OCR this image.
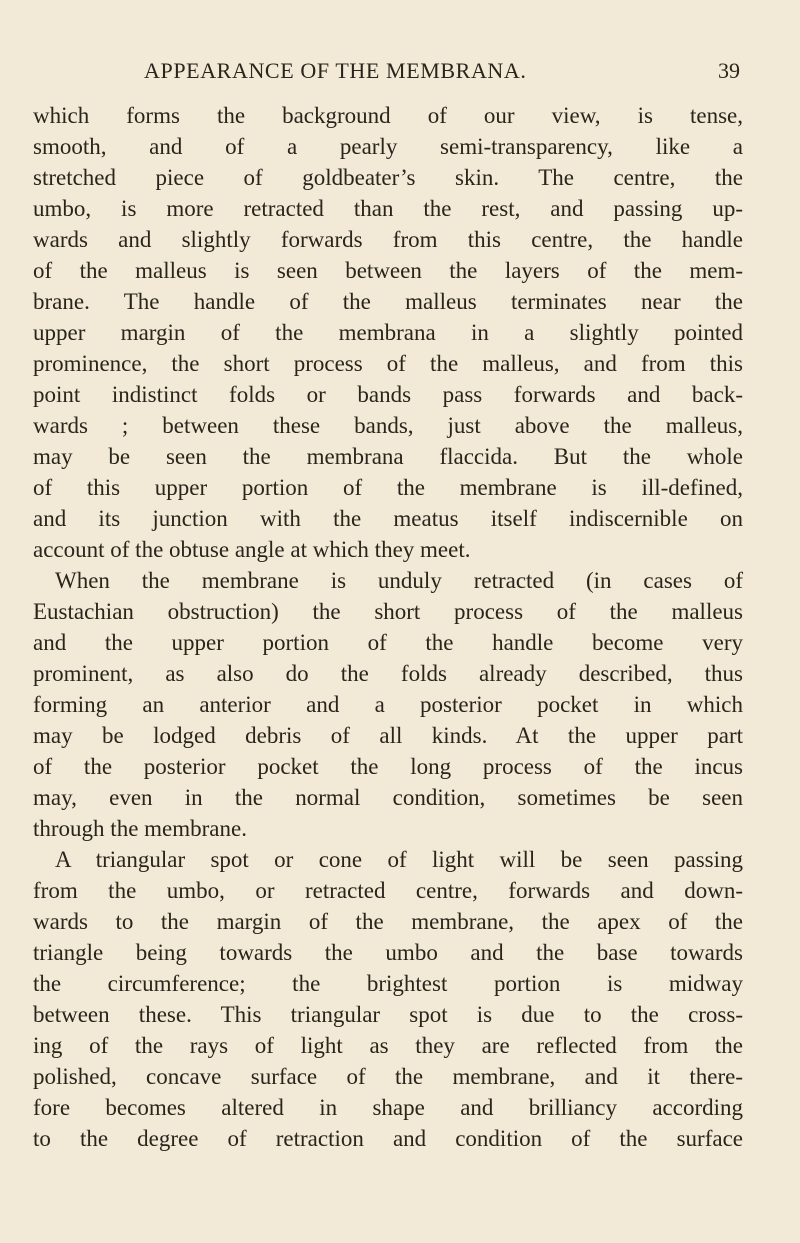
APPEARANCE OF THE MEMBRANA.	39
which forms the background of our view, is tense,
smooth, and of a pearly semi-transparency, like a
stretched piece of goldbeater’s skin. The centre, the
umbo, is more retracted than the rest, and passing up-
wards and slightly forwards from this centre, the handle
of the malleus is seen between the layers of the mem-
brane. The handle of the malleus terminates near the
upper margin of the membrana in a slightly pointed
prominence, the short process of the malleus, and from this
point indistinct folds or bands pass forwards and back-
wards ; between these bands, just above the malleus,
may be seen the membrana flaccida. But the whole
of this upper portion of the membrane is ill-defined,
and its junction with the meatus itself indiscernible on
account of the obtuse angle at which they meet.
When the membrane is unduly retracted (in cases of
Eustachian obstruction) the short process of the malleus
and the upper portion of the handle become very
prominent, as also do the folds already described, thus
forming an anterior and a posterior pocket in which
may be lodged debris of all kinds. At the upper part
of the posterior pocket the long process of the incus
may, even in the normal condition, sometimes be seen
through the membrane.
A triangular spot or cone of light will be seen passing
from the umbo, or retracted centre, forwards and down-
wards to the margin of the membrane, the apex of the
triangle being towards the umbo and the base towards
the circumference; the brightest portion is midway
between these. This triangular spot is due to the cross-
ing of the rays of light as they are reflected from the
polished, concave surface of the membrane, and it there-
fore becomes altered in shape and brilliancy according
to the degree of retraction and condition of the surface
